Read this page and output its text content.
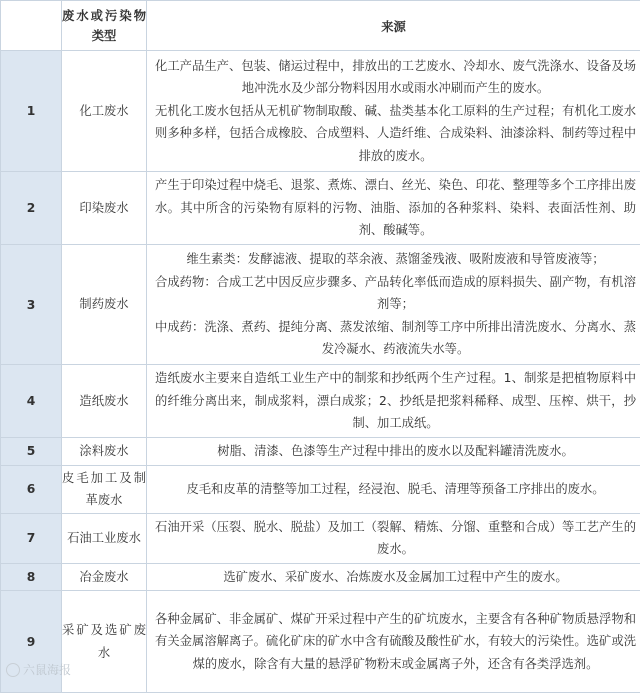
	废水或污染物类型	来源
1	化工废水	化工产品生产、包装、储运过程中，排放出的工艺废水、冷却水、废气洗涤水、设备及场地冲洗水及少部分物料因用水或雨水冲刷而产生的废水。
无机化工废水包括从无机矿物制取酸、碱、盐类基本化工原料的生产过程；有机化工废水则多种多样，包括合成橡胶、合成塑料、人造纤维、合成染料、油漆涂料、制药等过程中排放的废水。

2	印染废水	产生于印染过程中烧毛、退浆、煮炼、漂白、丝光、染色、印花、整理等多个工序排出废水。其中所含的污染物有原料的污物、油脂、添加的各种浆料、染料、表面活性剂、助剂、酸碱等。

3	制药废水	维生素类：发酵滤液、提取的萃余液、蒸馏釜残液、吸附废液和导管废液等；
合成药物：合成工艺中因反应步骤多、产品转化率低而造成的原料损失、副产物，有机溶剂等；
中成药：洗涤、煮药、提纯分离、蒸发浓缩、制剂等工序中所排出清洗废水、分离水、蒸发冷凝水、药液流失水等。

4	造纸废水	造纸废水主要来自造纸工业生产中的制浆和抄纸两个生产过程。1、制浆是把植物原料中的纤维分离出来，制成浆料，漂白成浆；2、抄纸是把浆料稀释、成型、压榨、烘干，抄制、加工成纸。

5	涂料废水	树脂、清漆、色漆等生产过程中排出的废水以及配料罐清洗废水。

6	皮毛加工及制革废水	皮毛和皮革的清整等加工过程，经浸泡、脱毛、清理等预备工序排出的废水。

7	石油工业废水	石油开采（压裂、脱水、脱盐）及加工（裂解、精炼、分馏、重整和合成）等工艺产生的废水。

8	冶金废水	选矿废水、采矿废水、冶炼废水及金属加工过程中产生的废水。

9	采矿及选矿废水	各种金属矿、非金属矿、煤矿开采过程中产生的矿坑废水，主要含有各种矿物质悬浮物和有关金属溶解离子。硫化矿床的矿水中含有硫酸及酸性矿水，有较大的污染性。选矿或洗煤的废水，除含有大量的悬浮矿物粉末或金属离子外，还含有各类浮选剂。
六鼠海报
